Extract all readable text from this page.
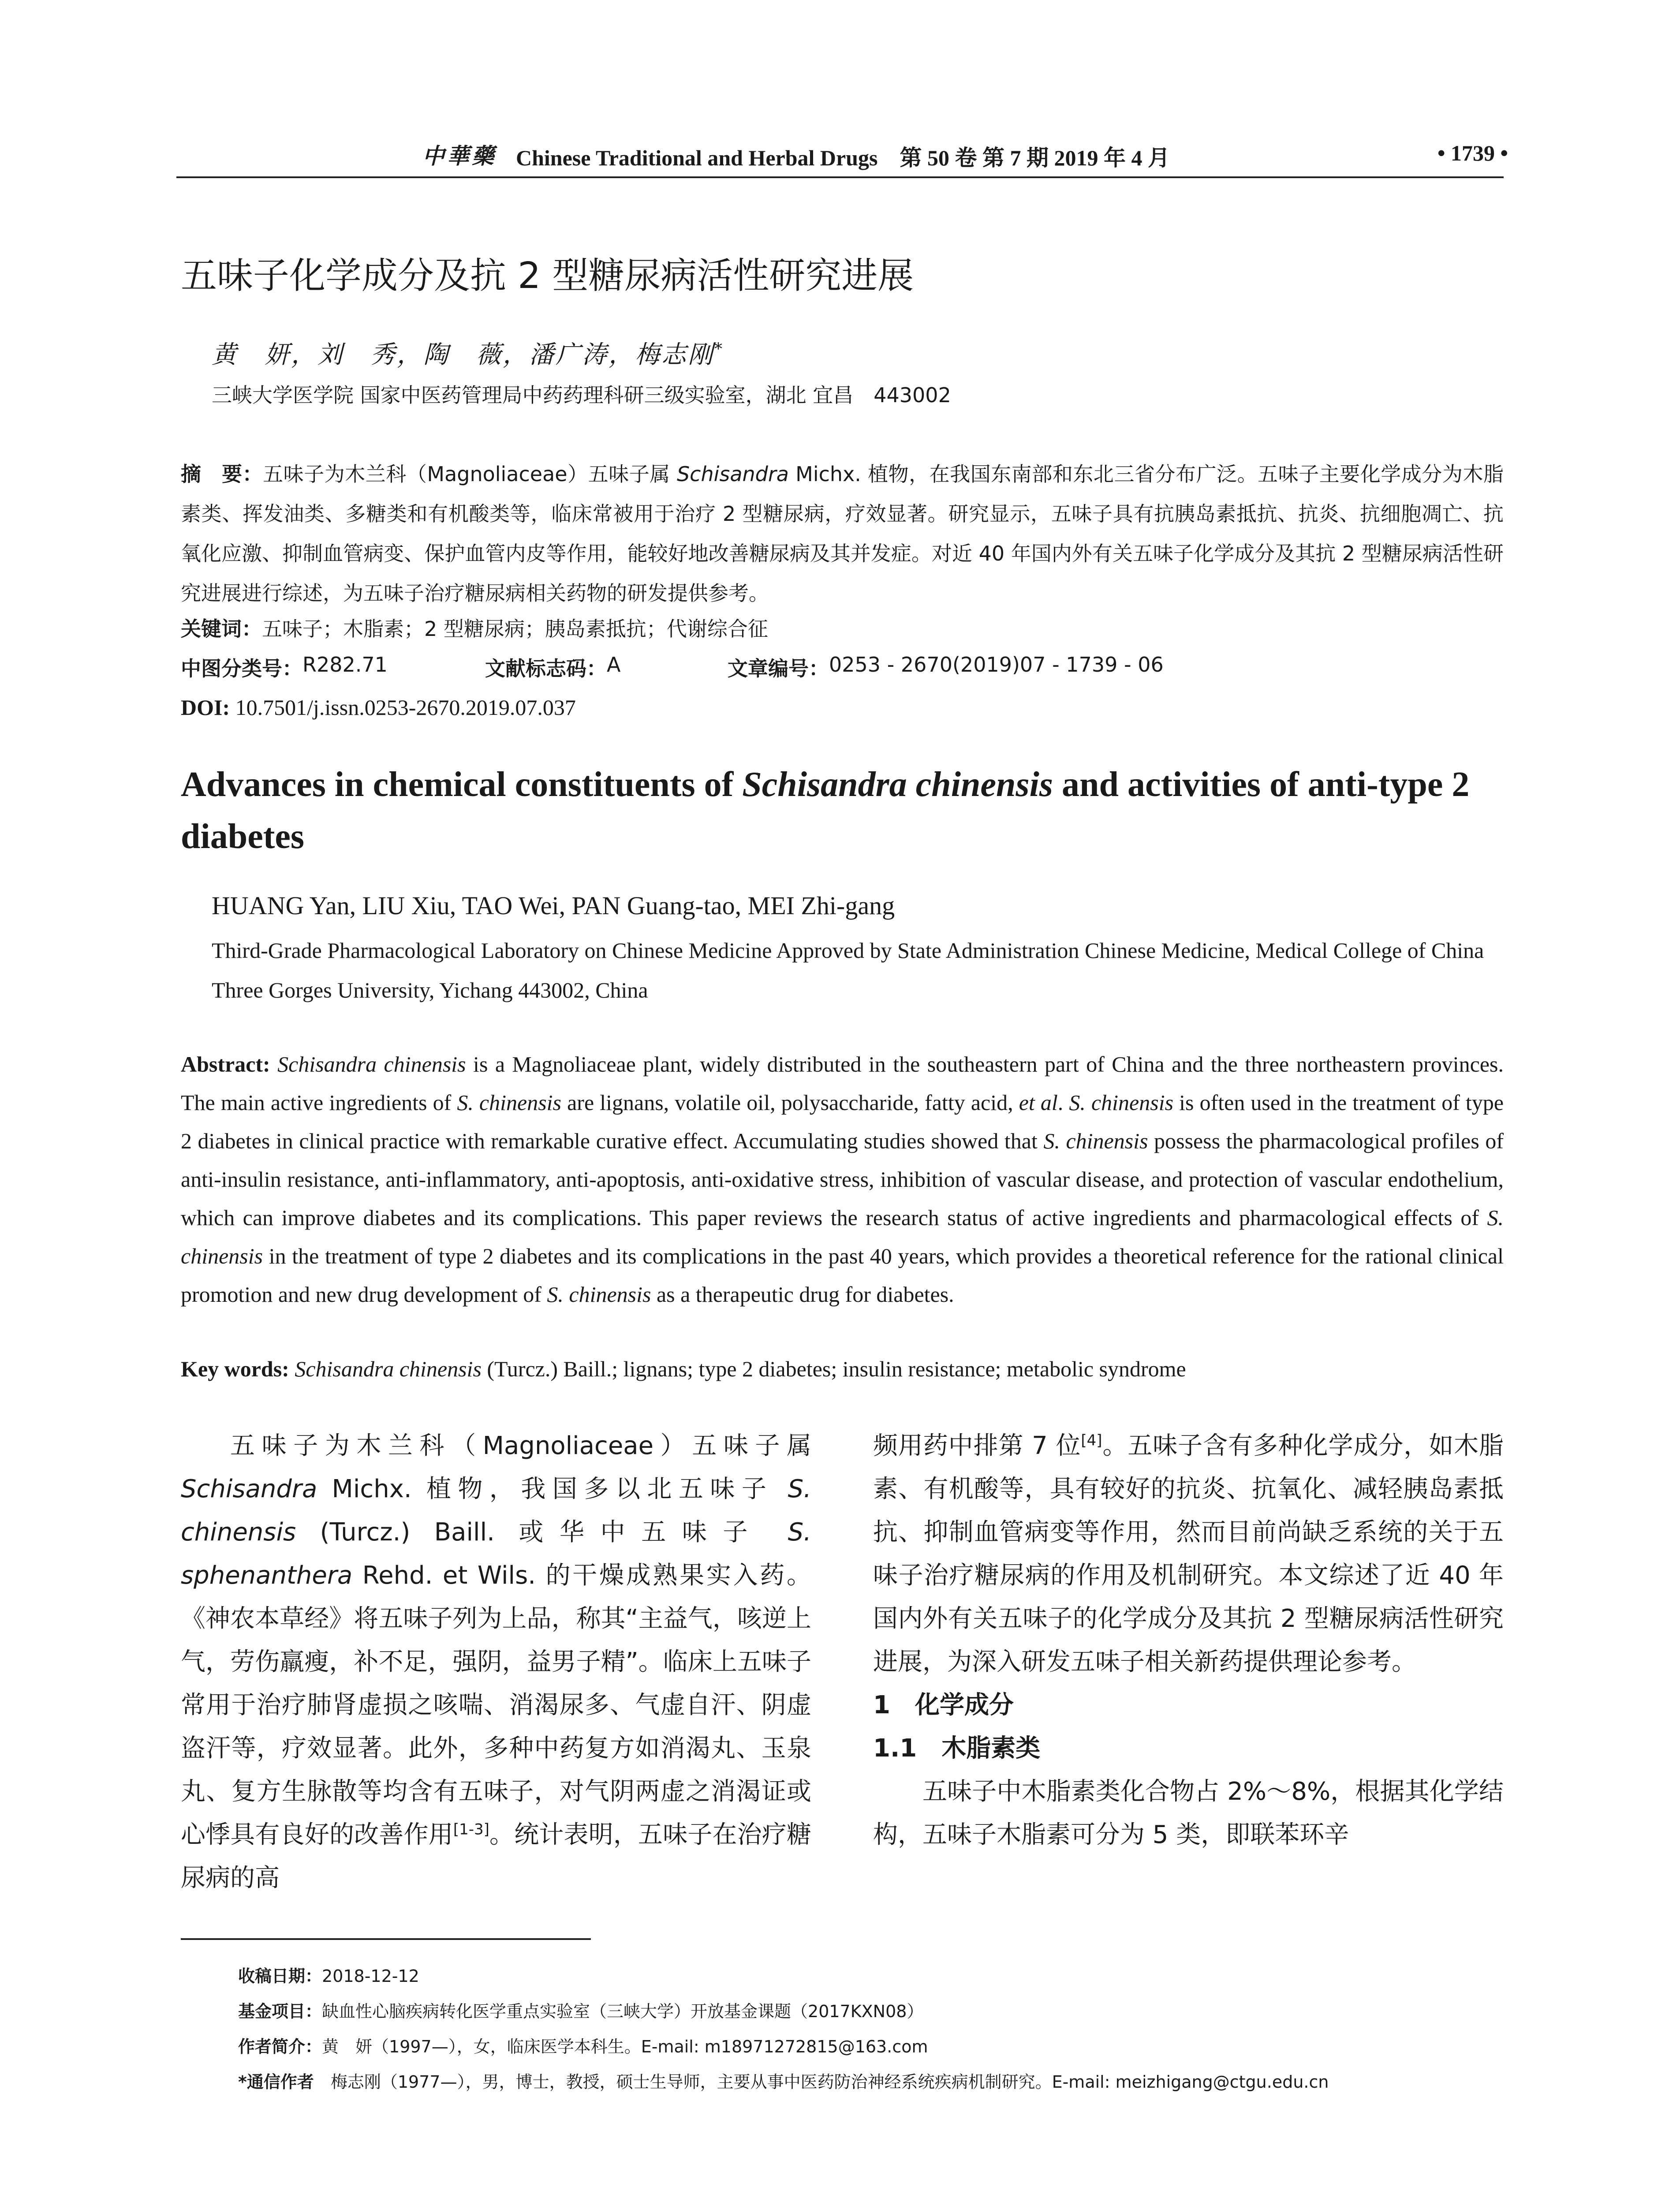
中華藥 Chinese Traditional and Herbal Drugs　 第 50 卷 第 7 期 2019 年 4 月	• 1739 •
五味子化学成分及抗 2 型糖尿病活性研究进展
黄　妍，刘　秀，陶　薇，潘广涛，梅志刚*
三峡大学医学院 国家中医药管理局中药药理科研三级实验室，湖北 宜昌　443002
摘　要：五味子为木兰科（Magnoliaceae）五味子属 Schisandra Michx. 植物，在我国东南部和东北三省分布广泛。五味子主要化学成分为木脂素类、挥发油类、多糖类和有机酸类等，临床常被用于治疗 2 型糖尿病，疗效显著。研究显示，五味子具有抗胰岛素抵抗、抗炎、抗细胞凋亡、抗氧化应激、抑制血管病变、保护血管内皮等作用，能较好地改善糖尿病及其并发症。对近 40 年国内外有关五味子化学成分及其抗 2 型糖尿病活性研究进展进行综述，为五味子治疗糖尿病相关药物的研发提供参考。
关键词：五味子；木脂素；2 型糖尿病；胰岛素抵抗；代谢综合征
中图分类号： R282.71	文献标志码： A	文章编号： 0253 - 2670(2019)07 - 1739 - 06
DOI: 10.7501/j.issn.0253-2670.2019.07.037
Advances in chemical constituents of Schisandra chinensis and activities of anti-type 2 diabetes
HUANG Yan, LIU Xiu, TAO Wei, PAN Guang-tao, MEI Zhi-gang
Third-Grade Pharmacological Laboratory on Chinese Medicine Approved by State Administration Chinese Medicine, Medical College of China Three Gorges University, Yichang 443002, China
Abstract: Schisandra chinensis is a Magnoliaceae plant, widely distributed in the southeastern part of China and the three northeastern provinces. The main active ingredients of S. chinensis are lignans, volatile oil, polysaccharide, fatty acid, et al. S. chinensis is often used in the treatment of type 2 diabetes in clinical practice with remarkable curative effect. Accumulating studies showed that S. chinensis possess the pharmacological profiles of anti-insulin resistance, anti-inflammatory, anti-apoptosis, anti-oxidative stress, inhibition of vascular disease, and protection of vascular endothelium, which can improve diabetes and its complications. This paper reviews the research status of active ingredients and pharmacological effects of S. chinensis in the treatment of type 2 diabetes and its complications in the past 40 years, which provides a theoretical reference for the rational clinical promotion and new drug development of S. chinensis as a therapeutic drug for diabetes.
Key words: Schisandra chinensis (Turcz.) Baill.; lignans; type 2 diabetes; insulin resistance; metabolic syndrome

五味子为木兰科（Magnoliaceae）五味子属 Schisandra Michx. 植物，我国多以北五味子 S. chinensis (Turcz.) Baill. 或华中五味子 S. sphenanthera Rehd. et Wils. 的干燥成熟果实入药。《神农本草经》将五味子列为上品，称其“主益气，咳逆上气，劳伤羸瘦，补不足，强阴，益男子精”。临床上五味子常用于治疗肺肾虚损之咳喘、消渴尿多、气虚自汗、阴虚盗汗等，疗效显著。此外，多种中药复方如消渴丸、玉泉丸、复方生脉散等均含有五味子，对气阴两虚之消渴证或心悸具有良好的改善作用[1-3]。统计表明，五味子在治疗糖尿病的高

频用药中排第 7 位[4]。五味子含有多种化学成分，如木脂素、有机酸等，具有较好的抗炎、抗氧化、减轻胰岛素抵抗、抑制血管病变等作用，然而目前尚缺乏系统的关于五味子治疗糖尿病的作用及机制研究。本文综述了近 40 年国内外有关五味子的化学成分及其抗 2 型糖尿病活性研究进展，为深入研发五味子相关新药提供理论参考。

1　化学成分

1.1　木脂素类

五味子中木脂素类化合物占 2%～8%，根据其化学结构，五味子木脂素可分为 5 类，即联苯环辛

收稿日期：2018-12-12
基金项目：缺血性心脑疾病转化医学重点实验室（三峡大学）开放基金课题（2017KXN08）
作者简介：黄　妍（1997—），女，临床医学本科生。E-mail: m18971272815@163.com
*通信作者　梅志刚（1977—），男，博士，教授，硕士生导师，主要从事中医药防治神经系统疾病机制研究。E-mail: meizhigang@ctgu.edu.cn
